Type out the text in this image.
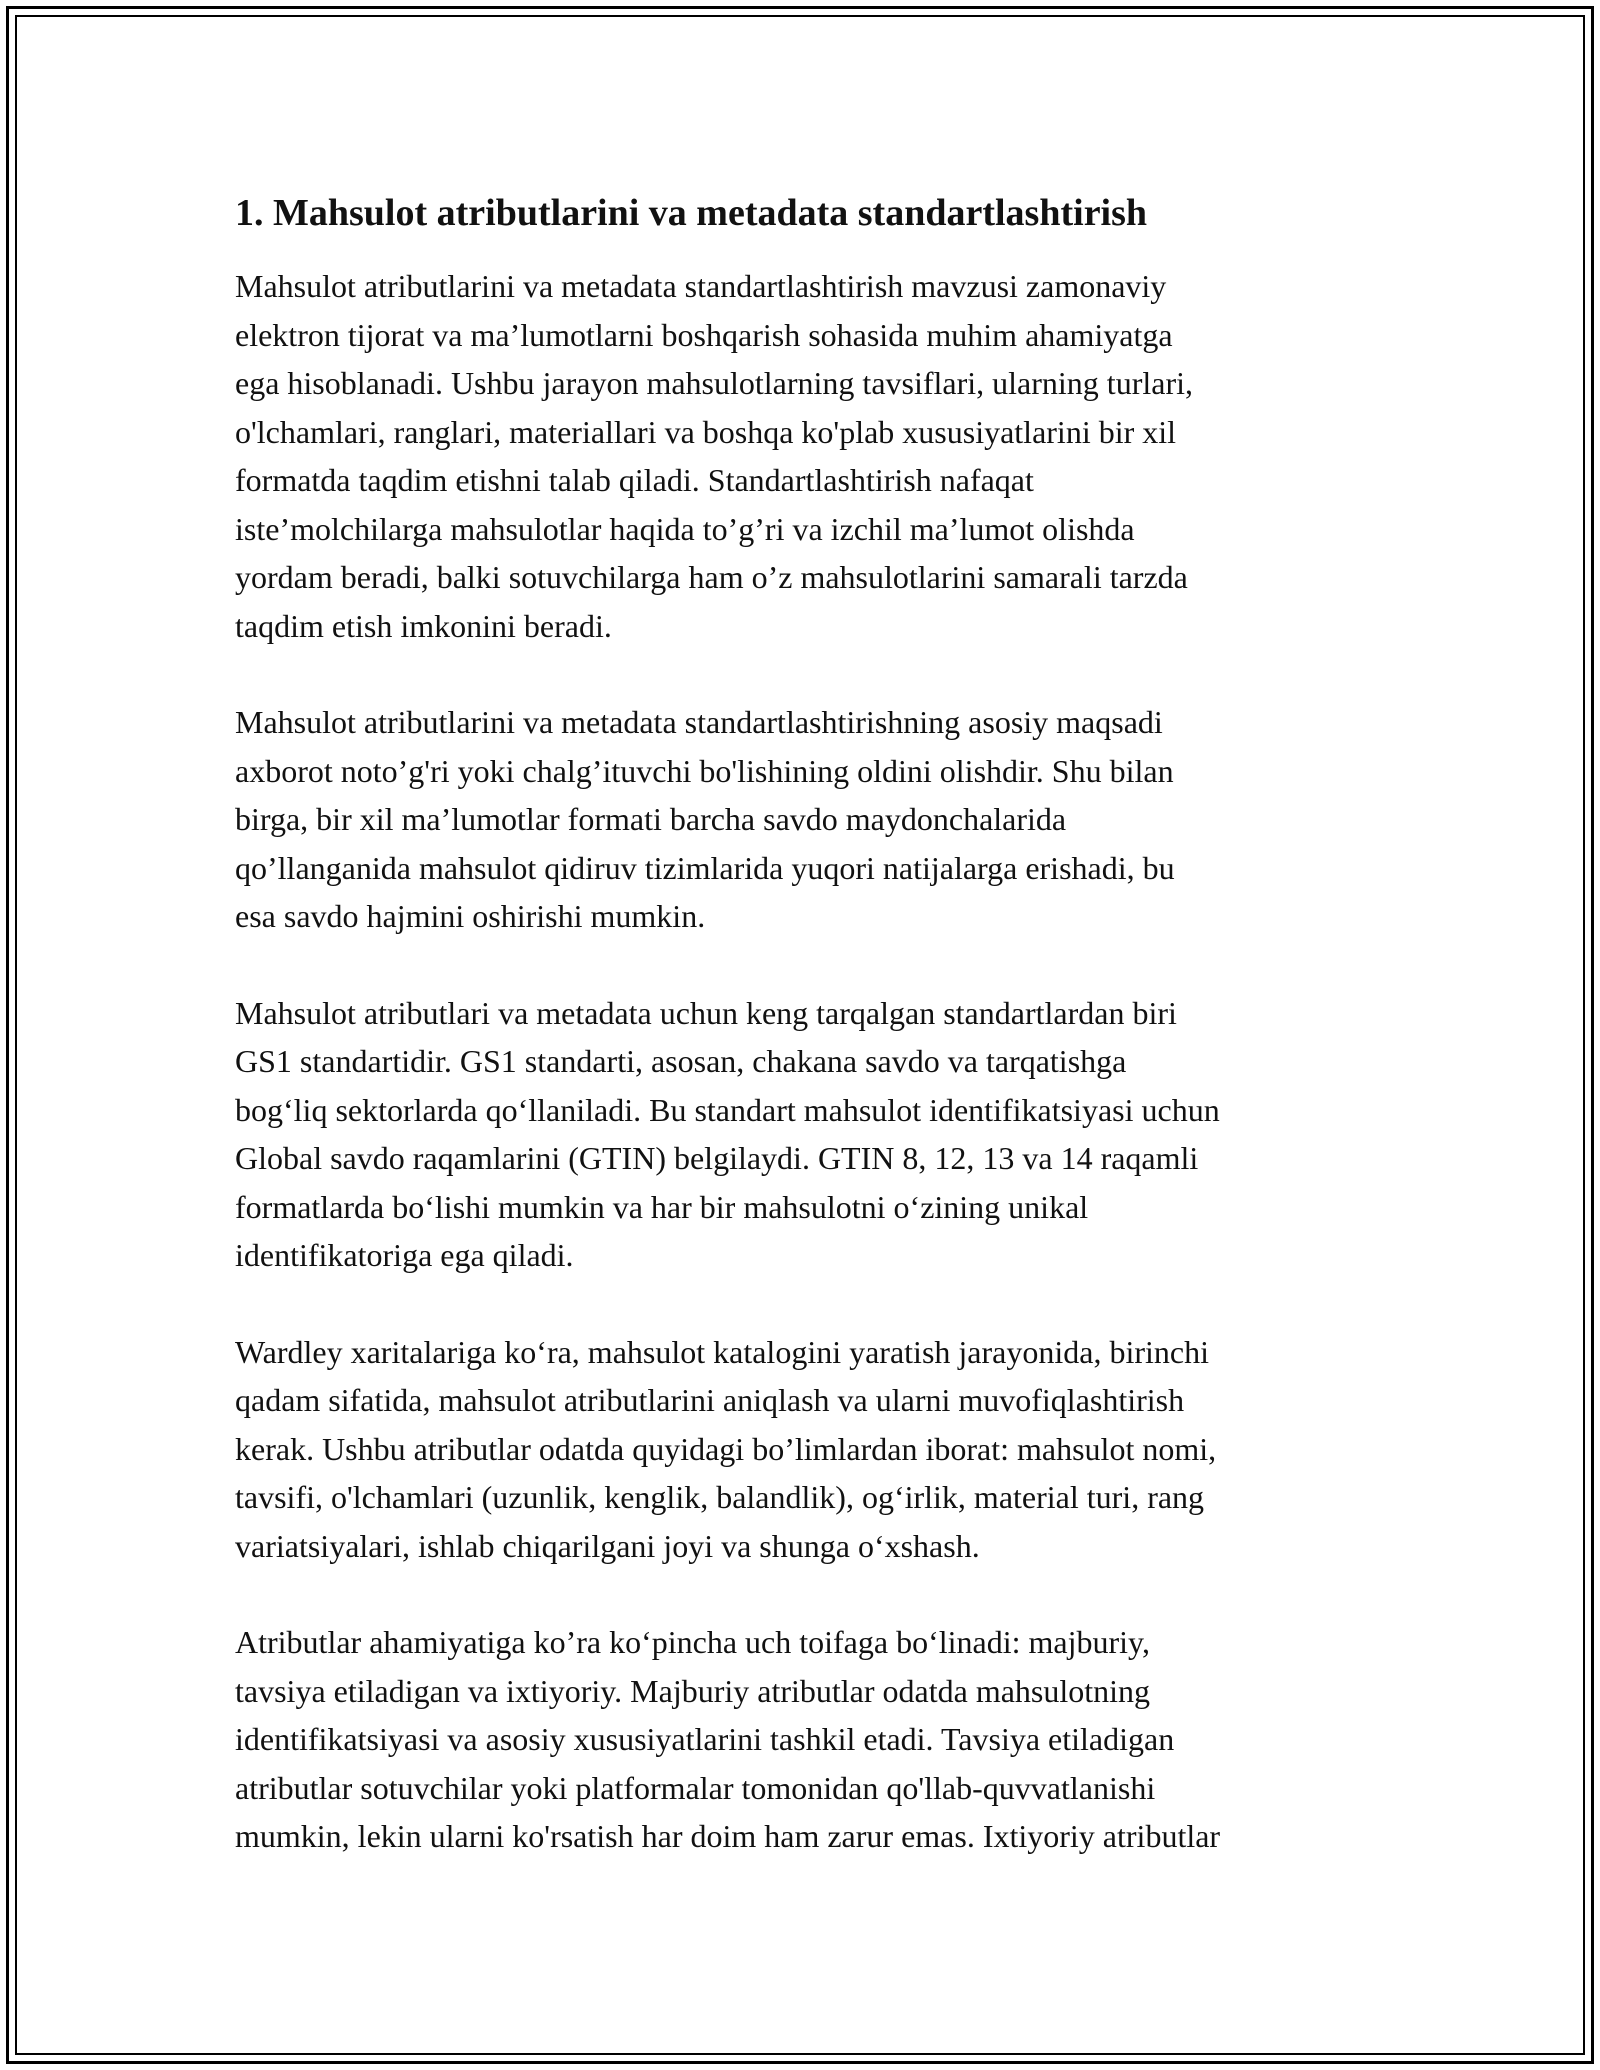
1. Mahsulot atributlarini va metadata standartlashtirish

Mahsulot atributlarini va metadata standartlashtirish mavzusi zamonaviy
elektron tijorat va ma’lumotlarni boshqarish sohasida muhim ahamiyatga
ega hisoblanadi. Ushbu jarayon mahsulotlarning tavsiflari, ularning turlari,
o'lchamlari, ranglari, materiallari va boshqa ko'plab xususiyatlarini bir xil
formatda taqdim etishni talab qiladi. Standartlashtirish nafaqat
iste’molchilarga mahsulotlar haqida to’g’ri va izchil ma’lumot olishda
yordam beradi, balki sotuvchilarga ham o’z mahsulotlarini samarali tarzda
taqdim etish imkonini beradi.

Mahsulot atributlarini va metadata standartlashtirishning asosiy maqsadi
axborot noto’g'ri yoki chalg’ituvchi bo'lishining oldini olishdir. Shu bilan
birga, bir xil ma’lumotlar formati barcha savdo maydonchalarida
qo’llanganida mahsulot qidiruv tizimlarida yuqori natijalarga erishadi, bu
esa savdo hajmini oshirishi mumkin.

Mahsulot atributlari va metadata uchun keng tarqalgan standartlardan biri
GS1 standartidir. GS1 standarti, asosan, chakana savdo va tarqatishga
bog‘liq sektorlarda qo‘llaniladi. Bu standart mahsulot identifikatsiyasi uchun
Global savdo raqamlarini (GTIN) belgilaydi. GTIN 8, 12, 13 va 14 raqamli
formatlarda bo‘lishi mumkin va har bir mahsulotni o‘zining unikal
identifikatoriga ega qiladi.

Wardley xaritalariga ko‘ra, mahsulot katalogini yaratish jarayonida, birinchi
qadam sifatida, mahsulot atributlarini aniqlash va ularni muvofiqlashtirish
kerak. Ushbu atributlar odatda quyidagi bo’limlardan iborat: mahsulot nomi,
tavsifi, o'lchamlari (uzunlik, kenglik, balandlik), og‘irlik, material turi, rang
variatsiyalari, ishlab chiqarilgani joyi va shunga o‘xshash.

Atributlar ahamiyatiga ko’ra ko‘pincha uch toifaga bo‘linadi: majburiy,
tavsiya etiladigan va ixtiyoriy. Majburiy atributlar odatda mahsulotning
identifikatsiyasi va asosiy xususiyatlarini tashkil etadi. Tavsiya etiladigan
atributlar sotuvchilar yoki platformalar tomonidan qo'llab-quvvatlanishi
mumkin, lekin ularni ko'rsatish har doim ham zarur emas. Ixtiyoriy atributlar
